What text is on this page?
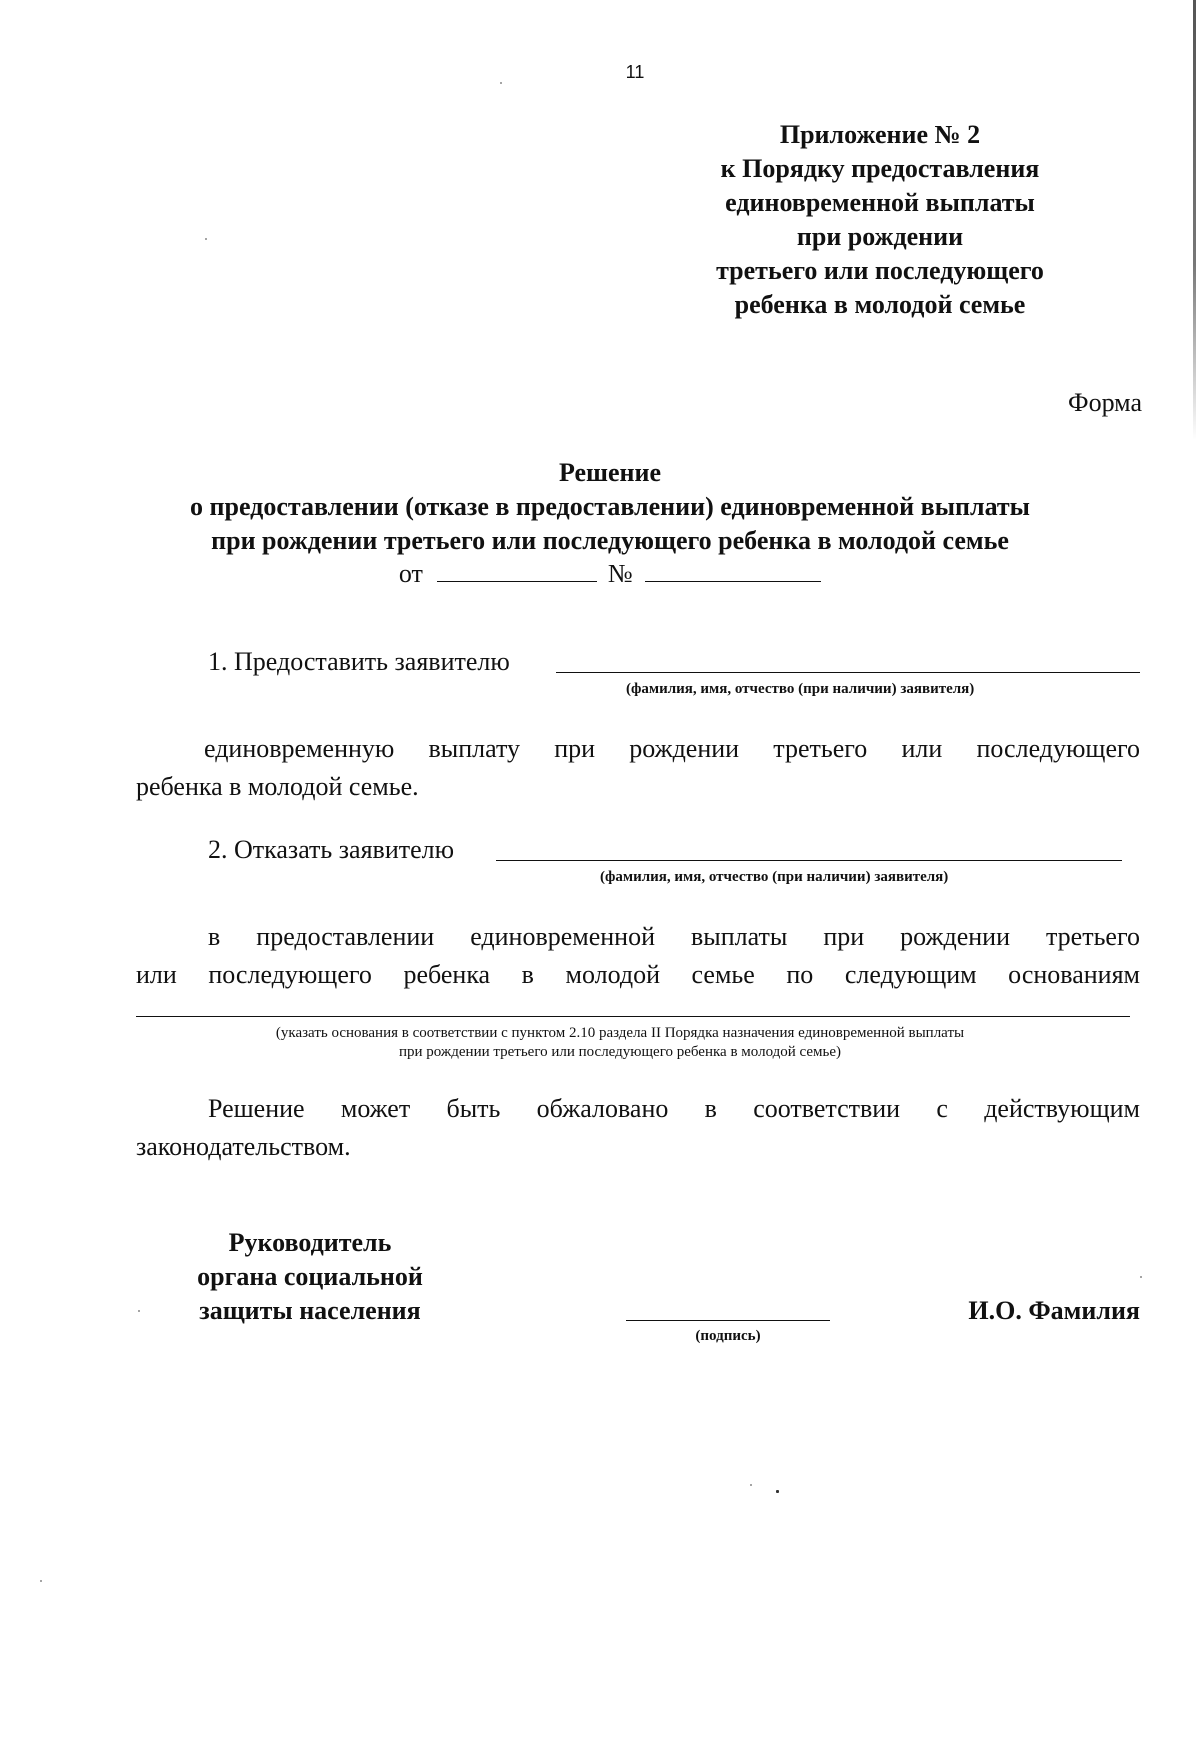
11
Приложение № 2
к Порядку предоставления
единовременной выплаты
при рождении
третьего или последующего
ребенка в молодой семье
Форма
Решение
о предоставлении (отказе в предоставлении) единовременной выплаты
при рождении третьего или последующего ребенка в молодой семье
от	№
1. Предоставить заявителю
(фамилия, имя, отчество (при наличии) заявителя)
единовременную выплату при рождении третьего или последующего
ребенка в молодой семье.
2. Отказать заявителю
(фамилия, имя, отчество (при наличии) заявителя)
в предоставлении единовременной выплаты при рождении третьего
или последующего ребенка в молодой семье по следующим основаниям
(указать основания в соответствии с пунктом 2.10 раздела II Порядка назначения единовременной выплаты
при рождении третьего или последующего ребенка в молодой семье)
Решение может быть обжаловано в соответствии с действующим
законодательством.
Руководитель
органа социальной
защиты населения
(подпись)
И.О. Фамилия
